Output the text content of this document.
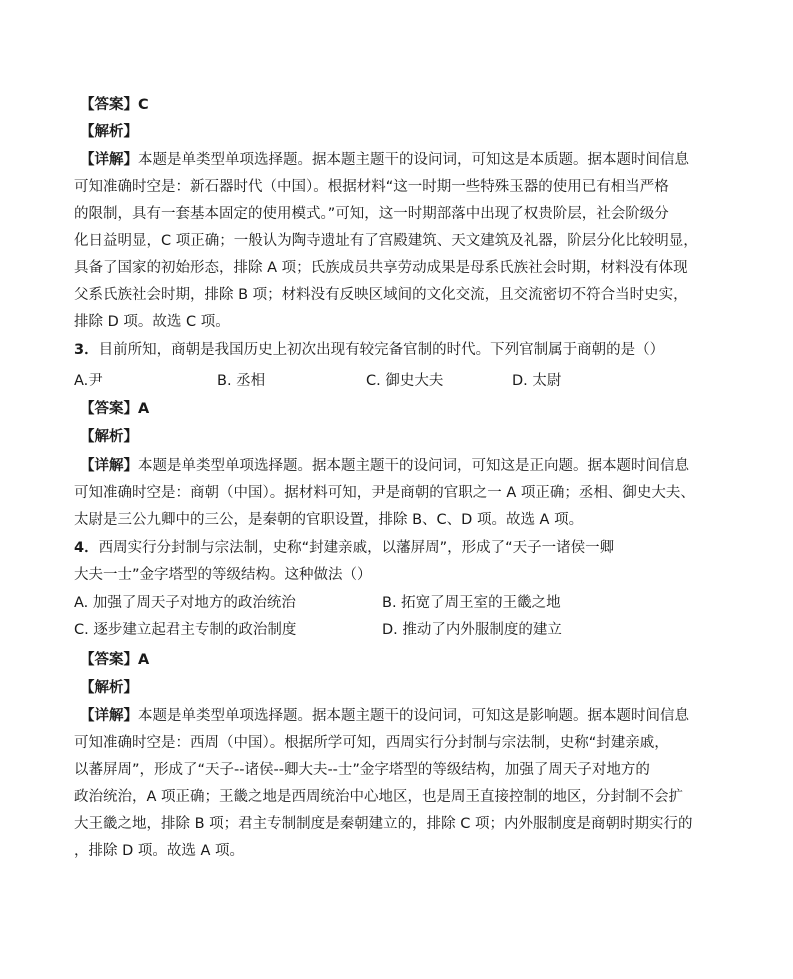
【答案】C
【解析】
【详解】本题是单类型单项选择题。据本题主题干的设问词，可知这是本质题。据本题时间信息
可知准确时空是：新石器时代（中国）。根据材料“这一时期一些特殊玉器的使用已有相当严格
的限制，具有一套基本固定的使用模式。”可知，这一时期部落中出现了权贵阶层，社会阶级分
化日益明显，C 项正确；一般认为陶寺遗址有了宫殿建筑、天文建筑及礼器，阶层分化比较明显，
具备了国家的初始形态，排除 A 项；氏族成员共享劳动成果是母系氏族社会时期，材料没有体现
父系氏族社会时期，排除 B 项；材料没有反映区域间的文化交流，且交流密切不符合当时史实，
排除 D 项。故选 C 项。
3．目前所知，商朝是我国历史上初次出现有较完备官制的时代。下列官制属于商朝的是（）
A.尹	B. 丞相	C. 御史大夫	D. 太尉
【答案】A
【解析】
【详解】本题是单类型单项选择题。据本题主题干的设问词，可知这是正向题。据本题时间信息
可知准确时空是：商朝（中国）。据材料可知，尹是商朝的官职之一 A 项正确；丞相、御史大夫、
太尉是三公九卿中的三公，是秦朝的官职设置，排除 B、C、D 项。故选 A 项。
4．西周实行分封制与宗法制，史称“封建亲戚，以藩屏周”，形成了“天子一诸侯一卿
大夫一士”金字塔型的等级结构。这种做法（）
A. 加强了周天子对地方的政治统治	B. 拓宽了周王室的王畿之地
C. 逐步建立起君主专制的政治制度	D. 推动了内外服制度的建立
【答案】A
【解析】
【详解】本题是单类型单项选择题。据本题主题干的设问词，可知这是影响题。据本题时间信息
可知准确时空是：西周（中国）。根据所学可知，西周实行分封制与宗法制，史称“封建亲戚，
以蕃屏周”，形成了“天子--诸侯--卿大夫--士”金字塔型的等级结构，加强了周天子对地方的
政治统治，A 项正确；王畿之地是西周统治中心地区，也是周王直接控制的地区，分封制不会扩
大王畿之地，排除 B 项；君主专制制度是秦朝建立的，排除 C 项；内外服制度是商朝时期实行的
，排除 D 项。故选 A 项。
